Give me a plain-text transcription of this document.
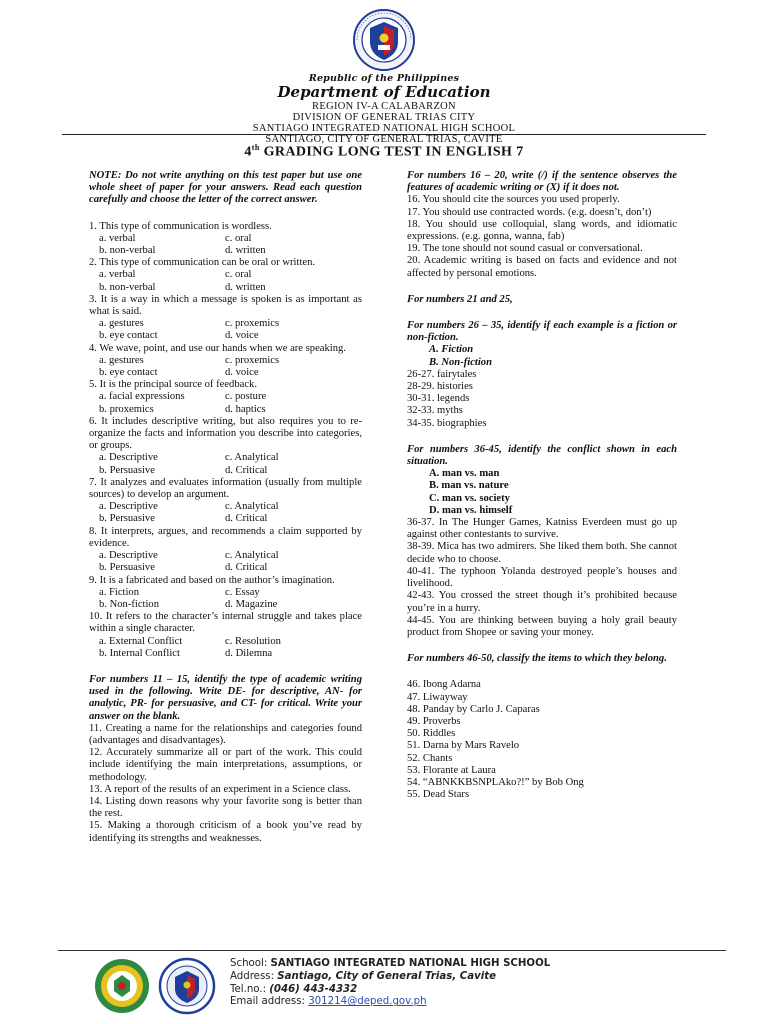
Republic of the Philippines
Department of Education
REGION IV-A CALABARZON
DIVISION OF GENERAL TRIAS CITY
SANTIAGO INTEGRATED NATIONAL HIGH SCHOOL
SANTIAGO, CITY OF GENERAL TRIAS, CAVITE
4th GRADING LONG TEST IN ENGLISH 7

NOTE: Do not write anything on this test paper but use one whole sheet of paper for your answers. Read each question carefully and choose the letter of the correct answer.

1. This type of communication is wordless.

a. verbal	c. oral
b. non-verbal	d. written

2. This type of communication can be oral or written.

a. verbal	c. oral
b. non-verbal	d. written

3. It is a way in which a message is spoken is as important as what is said.

a. gestures	c. proxemics
b. eye contact	d. voice

4. We wave, point, and use our hands when we are speaking.

a. gestures	c. proxemics
b. eye contact	d. voice

5. It is the principal source of feedback.

a. facial expressions	c. posture
b. proxemics	d. haptics

6. It includes descriptive writing, but also requires you to re-organize the facts and information you describe into categories, or groups.

a. Descriptive	c. Analytical
b. Persuasive	d. Critical

7. It analyzes and evaluates information (usually from multiple sources) to develop an argument.

a. Descriptive	c. Analytical
b. Persuasive	d. Critical

8. It interprets, argues, and recommends a claim supported by evidence.

a. Descriptive	c. Analytical
b. Persuasive	d. Critical

9. It is a fabricated and based on the author’s imagination.

a. Fiction	c. Essay
b. Non-fiction	d. Magazine

10. It refers to the character’s internal struggle and takes place within a single character.

a. External Conflict	c. Resolution
b. Internal Conflict	d. Dilemna

For numbers 11 – 15, identify the type of academic writing used in the following. Write DE- for descriptive, AN- for analytic, PR- for persuasive, and CT- for critical. Write your answer on the blank.

11. Creating a name for the relationships and categories found (advantages and disadvantages).

12. Accurately summarize all or part of the work. This could include identifying the main interpretations, assumptions, or methodology.

13. A report of the results of an experiment in a Science class.

14. Listing down reasons why your favorite song is better than the rest.

15. Making a thorough criticism of a book you’ve read by identifying its strengths and weaknesses.

For numbers 16 – 20, write (/) if the sentence observes the features of academic writing or (X) if it does not.

16. You should cite the sources you used properly.

17. You should use contracted words. (e.g. doesn’t, don’t)

18. You should use colloquial, slang words, and idiomatic expressions. (e.g. gonna, wanna, fab)

19. The tone should not sound casual or conversational.

20. Academic writing is based on facts and evidence and not affected by personal emotions.

For numbers 21 and 25,

For numbers 26 – 35, identify if each example is a fiction or non-fiction.

A. Fiction
B. Non-fiction
26-27. fairytales
28-29. histories
30-31. legends
32-33. myths
34-35. biographies

For numbers 36-45, identify the conflict shown in each situation.

A. man vs. man
B. man vs. nature
C. man vs. society
D. man vs. himself

36-37. In The Hunger Games, Katniss Everdeen must go up against other contestants to survive.

38-39. Mica has two admirers. She liked them both. She cannot decide who to choose.

40-41. The typhoon Yolanda destroyed people’s houses and livelihood.

42-43. You crossed the street though it’s prohibited because you’re in a hurry.

44-45. You are thinking between buying a holy grail beauty product from Shopee or saving your money.

For numbers 46-50, classify the items to which they belong.

46. Ibong Adarna
47. Liwayway
48. Panday by Carlo J. Caparas
49. Proverbs
50. Riddles
51. Darna by Mars Ravelo
52. Chants
53. Florante at Laura
54. “ABNKKBSNPLAko?!” by Bob Ong
55. Dead Stars
School: SANTIAGO INTEGRATED NATIONAL HIGH SCHOOL
Address: Santiago, City of General Trias, Cavite
Tel.no.: (046) 443-4332
Email address: 301214@deped.gov.ph
